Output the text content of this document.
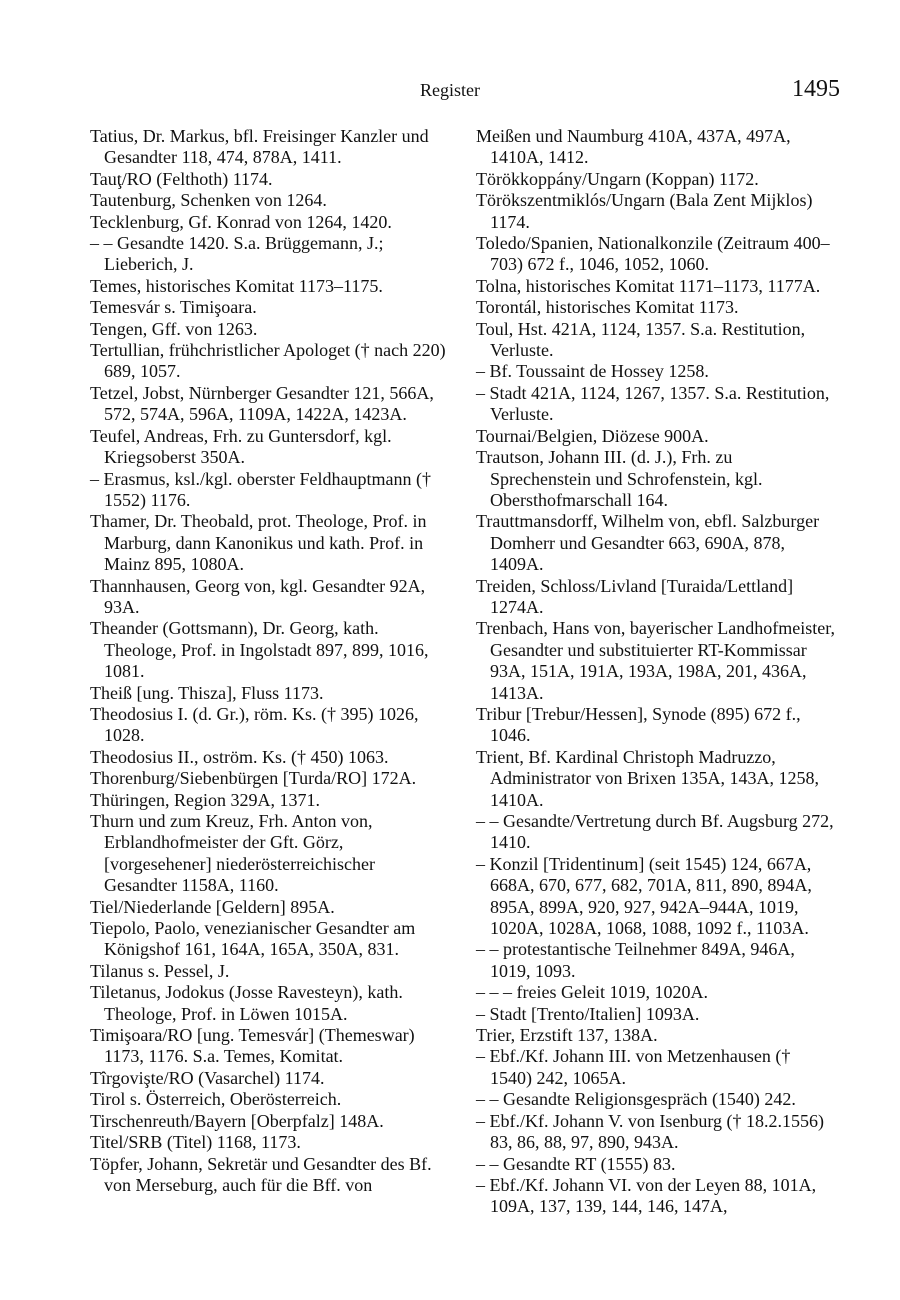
Register	1495
Tatius, Dr. Markus, bfl. Freisinger Kanzler und Gesandter 118, 474, 878A, 1411.
Tauţ/RO (Felthoth) 1174.
Tautenburg, Schenken von 1264.
Tecklenburg, Gf. Konrad von 1264, 1420.
– – Gesandte 1420. S.a. Brüggemann, J.; Lieberich, J.
Temes, historisches Komitat 1173–1175.
Temesvár s. Timişoara.
Tengen, Gff. von 1263.
Tertullian, frühchristlicher Apologet († nach 220) 689, 1057.
Tetzel, Jobst, Nürnberger Gesandter 121, 566A, 572, 574A, 596A, 1109A, 1422A, 1423A.
Teufel, Andreas, Frh. zu Guntersdorf, kgl. Kriegsoberst 350A.
– Erasmus, ksl./kgl. oberster Feldhauptmann († 1552) 1176.
Thamer, Dr. Theobald, prot. Theologe, Prof. in Marburg, dann Kanonikus und kath. Prof. in Mainz 895, 1080A.
Thannhausen, Georg von, kgl. Gesandter 92A, 93A.
Theander (Gottsmann), Dr. Georg, kath. Theologe, Prof. in Ingolstadt 897, 899, 1016, 1081.
Theiß [ung. Thisza], Fluss 1173.
Theodosius I. (d. Gr.), röm. Ks. († 395) 1026, 1028.
Theodosius II., oström. Ks. († 450) 1063.
Thorenburg/Siebenbürgen [Turda/RO] 172A.
Thüringen, Region 329A, 1371.
Thurn und zum Kreuz, Frh. Anton von, Erblandhofmeister der Gft. Görz, [vorgesehener] niederösterreichischer Gesandter 1158A, 1160.
Tiel/Niederlande [Geldern] 895A.
Tiepolo, Paolo, venezianischer Gesandter am Königshof 161, 164A, 165A, 350A, 831.
Tilanus s. Pessel, J.
Tiletanus, Jodokus (Josse Ravesteyn), kath. Theologe, Prof. in Löwen 1015A.
Timişoara/RO [ung. Temesvár] (Themeswar) 1173, 1176. S.a. Temes, Komitat.
Tîrgovişte/RO (Vasarchel) 1174.
Tirol s. Österreich, Oberösterreich.
Tirschenreuth/Bayern [Oberpfalz] 148A.
Titel/SRB (Titel) 1168, 1173.
Töpfer, Johann, Sekretär und Gesandter des Bf. von Merseburg, auch für die Bff. von
Meißen und Naumburg 410A, 437A, 497A, 1410A, 1412.
Törökkoppány/Ungarn (Koppan) 1172.
Törökszentmiklós/Ungarn (Bala Zent Mijklos) 1174.
Toledo/Spanien, Nationalkonzile (Zeitraum 400–703) 672 f., 1046, 1052, 1060.
Tolna, historisches Komitat 1171–1173, 1177A.
Torontál, historisches Komitat 1173.
Toul, Hst. 421A, 1124, 1357. S.a. Restitution, Verluste.
– Bf. Toussaint de Hossey 1258.
– Stadt 421A, 1124, 1267, 1357. S.a. Restitution, Verluste.
Tournai/Belgien, Diözese 900A.
Trautson, Johann III. (d. J.), Frh. zu Sprechenstein und Schrofenstein, kgl. Obersthofmarschall 164.
Trauttmansdorff, Wilhelm von, ebfl. Salzburger Domherr und Gesandter 663, 690A, 878, 1409A.
Treiden, Schloss/Livland [Turaida/Lettland] 1274A.
Trenbach, Hans von, bayerischer Landhofmeister, Gesandter und substituierter RT-Kommissar 93A, 151A, 191A, 193A, 198A, 201, 436A, 1413A.
Tribur [Trebur/Hessen], Synode (895) 672 f., 1046.
Trient, Bf. Kardinal Christoph Madruzzo, Administrator von Brixen 135A, 143A, 1258, 1410A.
– – Gesandte/Vertretung durch Bf. Augsburg 272, 1410.
– Konzil [Tridentinum] (seit 1545) 124, 667A, 668A, 670, 677, 682, 701A, 811, 890, 894A, 895A, 899A, 920, 927, 942A–944A, 1019, 1020A, 1028A, 1068, 1088, 1092 f., 1103A.
– – protestantische Teilnehmer 849A, 946A, 1019, 1093.
– – – freies Geleit 1019, 1020A.
– Stadt [Trento/Italien] 1093A.
Trier, Erzstift 137, 138A.
– Ebf./Kf. Johann III. von Metzenhausen († 1540) 242, 1065A.
– – Gesandte Religionsgespräch (1540) 242.
– Ebf./Kf. Johann V. von Isenburg († 18.2.1556) 83, 86, 88, 97, 890, 943A.
– – Gesandte RT (1555) 83.
– Ebf./Kf. Johann VI. von der Leyen 88, 101A, 109A, 137, 139, 144, 146, 147A,
